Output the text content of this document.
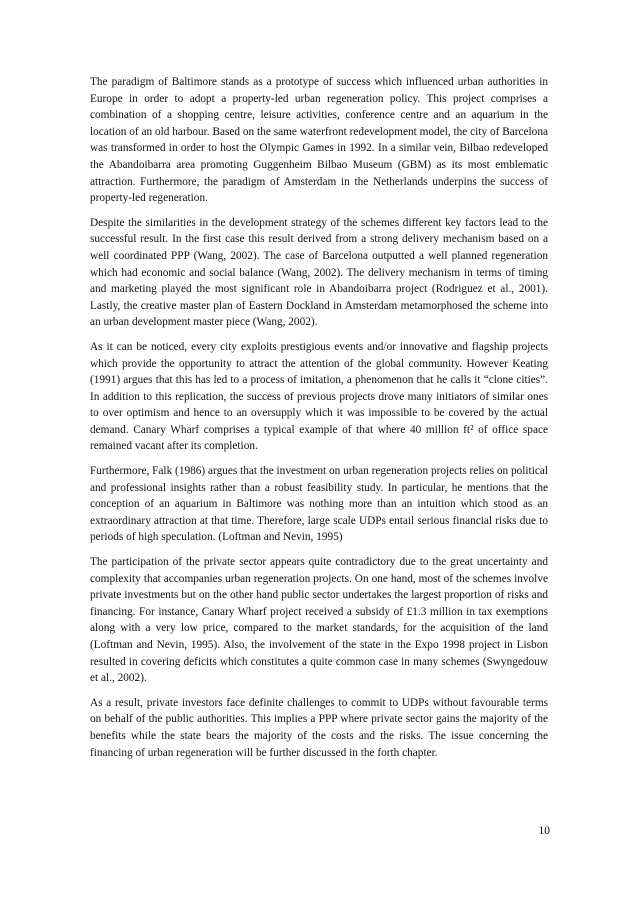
The paradigm of Baltimore stands as a prototype of success which influenced urban authorities in Europe in order to adopt a property-led urban regeneration policy. This project comprises a combination of a shopping centre, leisure activities, conference centre and an aquarium in the location of an old harbour. Based on the same waterfront redevelopment model, the city of Barcelona was transformed in order to host the Olympic Games in 1992. In a similar vein, Bilbao redeveloped the Abandoibarra area promoting Guggenheim Bilbao Museum (GBM) as its most emblematic attraction. Furthermore, the paradigm of Amsterdam in the Netherlands underpins the success of property-led regeneration.

Despite the similarities in the development strategy of the schemes different key factors lead to the successful result. In the first case this result derived from a strong delivery mechanism based on a well coordinated PPP (Wang, 2002). The case of Barcelona outputted a well planned regeneration which had economic and social balance (Wang, 2002). The delivery mechanism in terms of timing and marketing played the most significant role in Abandoibarra project (Rodriguez et al., 2001). Lastly, the creative master plan of Eastern Dockland in Amsterdam metamorphosed the scheme into an urban development master piece (Wang, 2002).

As it can be noticed, every city exploits prestigious events and/or innovative and flagship projects which provide the opportunity to attract the attention of the global community. However Keating (1991) argues that this has led to a process of imitation, a phenomenon that he calls it “clone cities”. In addition to this replication, the success of previous projects drove many initiators of similar ones to over optimism and hence to an oversupply which it was impossible to be covered by the actual demand. Canary Wharf comprises a typical example of that where 40 million ft² of office space remained vacant after its completion.

Furthermore, Falk (1986) argues that the investment on urban regeneration projects relies on political and professional insights rather than a robust feasibility study. In particular, he mentions that the conception of an aquarium in Baltimore was nothing more than an intuition which stood as an extraordinary attraction at that time. Therefore, large scale UDPs entail serious financial risks due to periods of high speculation. (Loftman and Nevin, 1995)

The participation of the private sector appears quite contradictory due to the great uncertainty and complexity that accompanies urban regeneration projects. On one hand, most of the schemes involve private investments but on the other hand public sector undertakes the largest proportion of risks and financing. For instance, Canary Wharf project received a subsidy of £1.3 million in tax exemptions along with a very low price, compared to the market standards, for the acquisition of the land (Loftman and Nevin, 1995). Also, the involvement of the state in the Expo 1998 project in Lisbon resulted in covering deficits which constitutes a quite common case in many schemes (Swyngedouw et al., 2002).

As a result, private investors face definite challenges to commit to UDPs without favourable terms on behalf of the public authorities. This implies a PPP where private sector gains the majority of the benefits while the state bears the majority of the costs and the risks. The issue concerning the financing of urban regeneration will be further discussed in the forth chapter.

10
